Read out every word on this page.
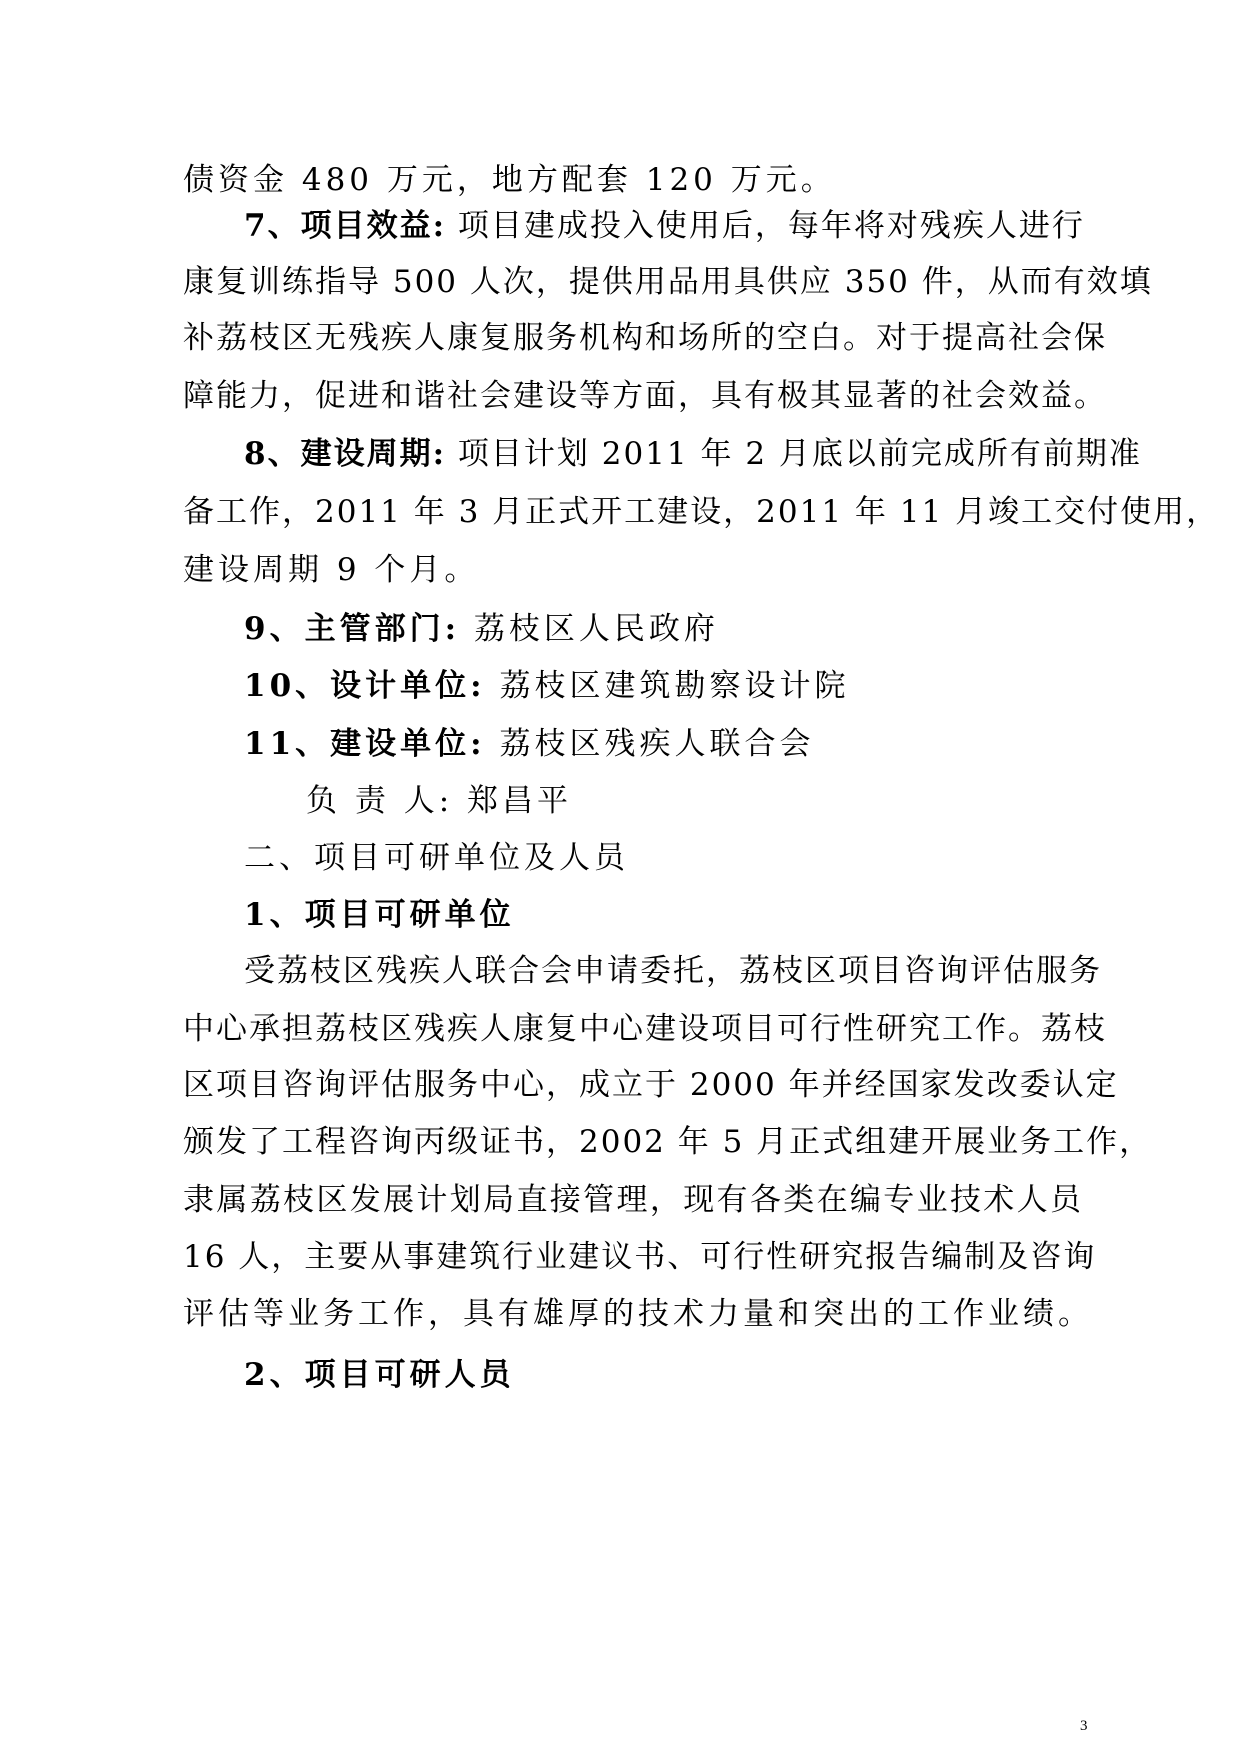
债资金 480 万元，地方配套 120 万元。
7、项目效益: 项目建成投入使用后，每年将对残疾人进行
康复训练指导 500 人次，提供用品用具供应 350 件，从而有效填
补荔枝区无残疾人康复服务机构和场所的空白。对于提高社会保
障能力，促进和谐社会建设等方面，具有极其显著的社会效益。
8、建设周期: 项目计划 2011 年 2 月底以前完成所有前期准
备工作，2011 年 3 月正式开工建设，2011 年 11 月竣工交付使用，
建设周期 9 个月。
9、主管部门: 荔枝区人民政府
10、设计单位: 荔枝区建筑勘察设计院
11、建设单位: 荔枝区残疾人联合会
负 责 人: 郑昌平
二、项目可研单位及人员
1、项目可研单位
受荔枝区残疾人联合会申请委托，荔枝区项目咨询评估服务
中心承担荔枝区残疾人康复中心建设项目可行性研究工作。荔枝
区项目咨询评估服务中心，成立于 2000 年并经国家发改委认定
颁发了工程咨询丙级证书，2002 年 5 月正式组建开展业务工作，
隶属荔枝区发展计划局直接管理，现有各类在编专业技术人员
16 人，主要从事建筑行业建议书、可行性研究报告编制及咨询
评估等业务工作，具有雄厚的技术力量和突出的工作业绩。
2、项目可研人员
3
